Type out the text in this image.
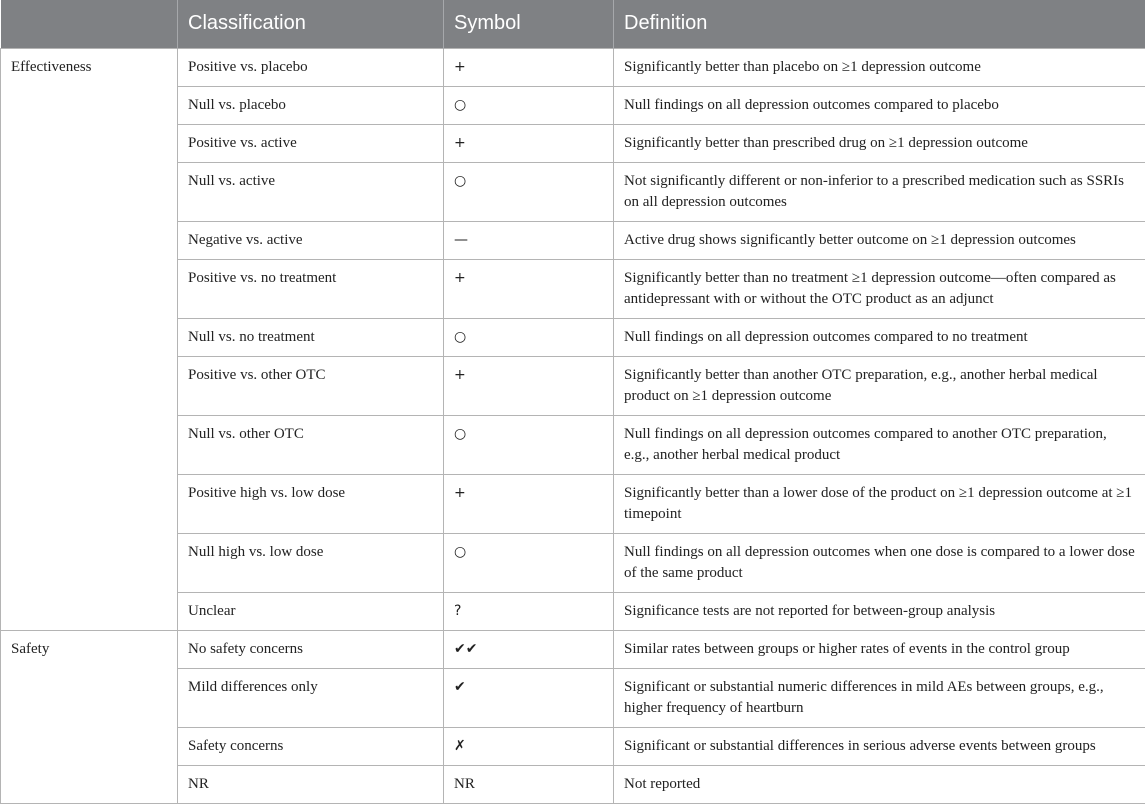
	Classification	Symbol	Definition
Effectiveness	Positive vs. placebo	+	Significantly better than placebo on ≥1 depression outcome
	Null vs. placebo	○	Null findings on all depression outcomes compared to placebo
	Positive vs. active	+	Significantly better than prescribed drug on ≥1 depression outcome
	Null vs. active	○	Not significantly different or non-inferior to a prescribed medication such as SSRIs on all depression outcomes
	Negative vs. active	—	Active drug shows significantly better outcome on ≥1 depression outcomes
	Positive vs. no treatment	+	Significantly better than no treatment ≥1 depression outcome—often compared as antidepressant with or without the OTC product as an adjunct
	Null vs. no treatment	○	Null findings on all depression outcomes compared to no treatment
	Positive vs. other OTC	+	Significantly better than another OTC preparation, e.g., another herbal medical product on ≥1 depression outcome
	Null vs. other OTC	○	Null findings on all depression outcomes compared to another OTC preparation, e.g., another herbal medical product
	Positive high vs. low dose	+	Significantly better than a lower dose of the product on ≥1 depression outcome at ≥1 timepoint
	Null high vs. low dose	○	Null findings on all depression outcomes when one dose is compared to a lower dose of the same product
	Unclear	?	Significance tests are not reported for between-group analysis
Safety	No safety concerns	✔✔	Similar rates between groups or higher rates of events in the control group
	Mild differences only	✔	Significant or substantial numeric differences in mild AEs between groups, e.g., higher frequency of heartburn
	Safety concerns	✗	Significant or substantial differences in serious adverse events between groups
	NR	NR	Not reported
